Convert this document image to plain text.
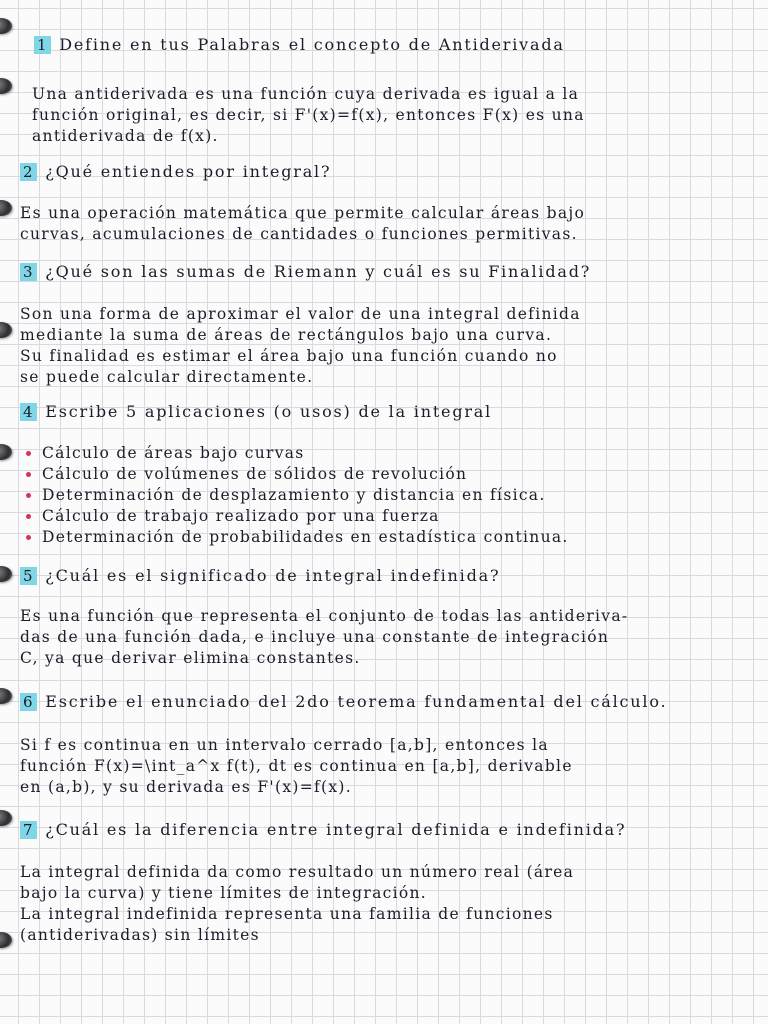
1 Define en tus Palabras el concepto de Antiderivada
Una antiderivada es una función cuya derivada es igual a la
función original, es decir, si F'(x)=f(x), entonces F(x) es una
antiderivada de f(x).
2 ¿Qué entiendes por integral?
Es una operación matemática que permite calcular áreas bajo
curvas, acumulaciones de cantidades o funciones permitivas.
3 ¿Qué son las sumas de Riemann y cuál es su Finalidad?
Son una forma de aproximar el valor de una integral definida
mediante la suma de áreas de rectángulos bajo una curva.
Su finalidad es estimar el área bajo una función cuando no
se puede calcular directamente.
4 Escribe 5 aplicaciones (o usos) de la integral
Cálculo de áreas bajo curvas
Cálculo de volúmenes de sólidos de revolución
Determinación de desplazamiento y distancia en física.
Cálculo de trabajo realizado por una fuerza
Determinación de probabilidades en estadística continua.
5 ¿Cuál es el significado de integral indefinida?
Es una función que representa el conjunto de todas las antideriva-
das de una función dada, e incluye una constante de integración
C, ya que derivar elimina constantes.
6 Escribe el enunciado del 2do teorema fundamental del cálculo.
Si f es continua en un intervalo cerrado [a,b], entonces la
función F(x)=\int_a^x f(t), dt es continua en [a,b], derivable
en (a,b), y su derivada es F'(x)=f(x).
7 ¿Cuál es la diferencia entre integral definida e indefinida?
La integral definida da como resultado un número real (área
bajo la curva) y tiene límites de integración.
La integral indefinida representa una familia de funciones
(antiderivadas) sin límites
